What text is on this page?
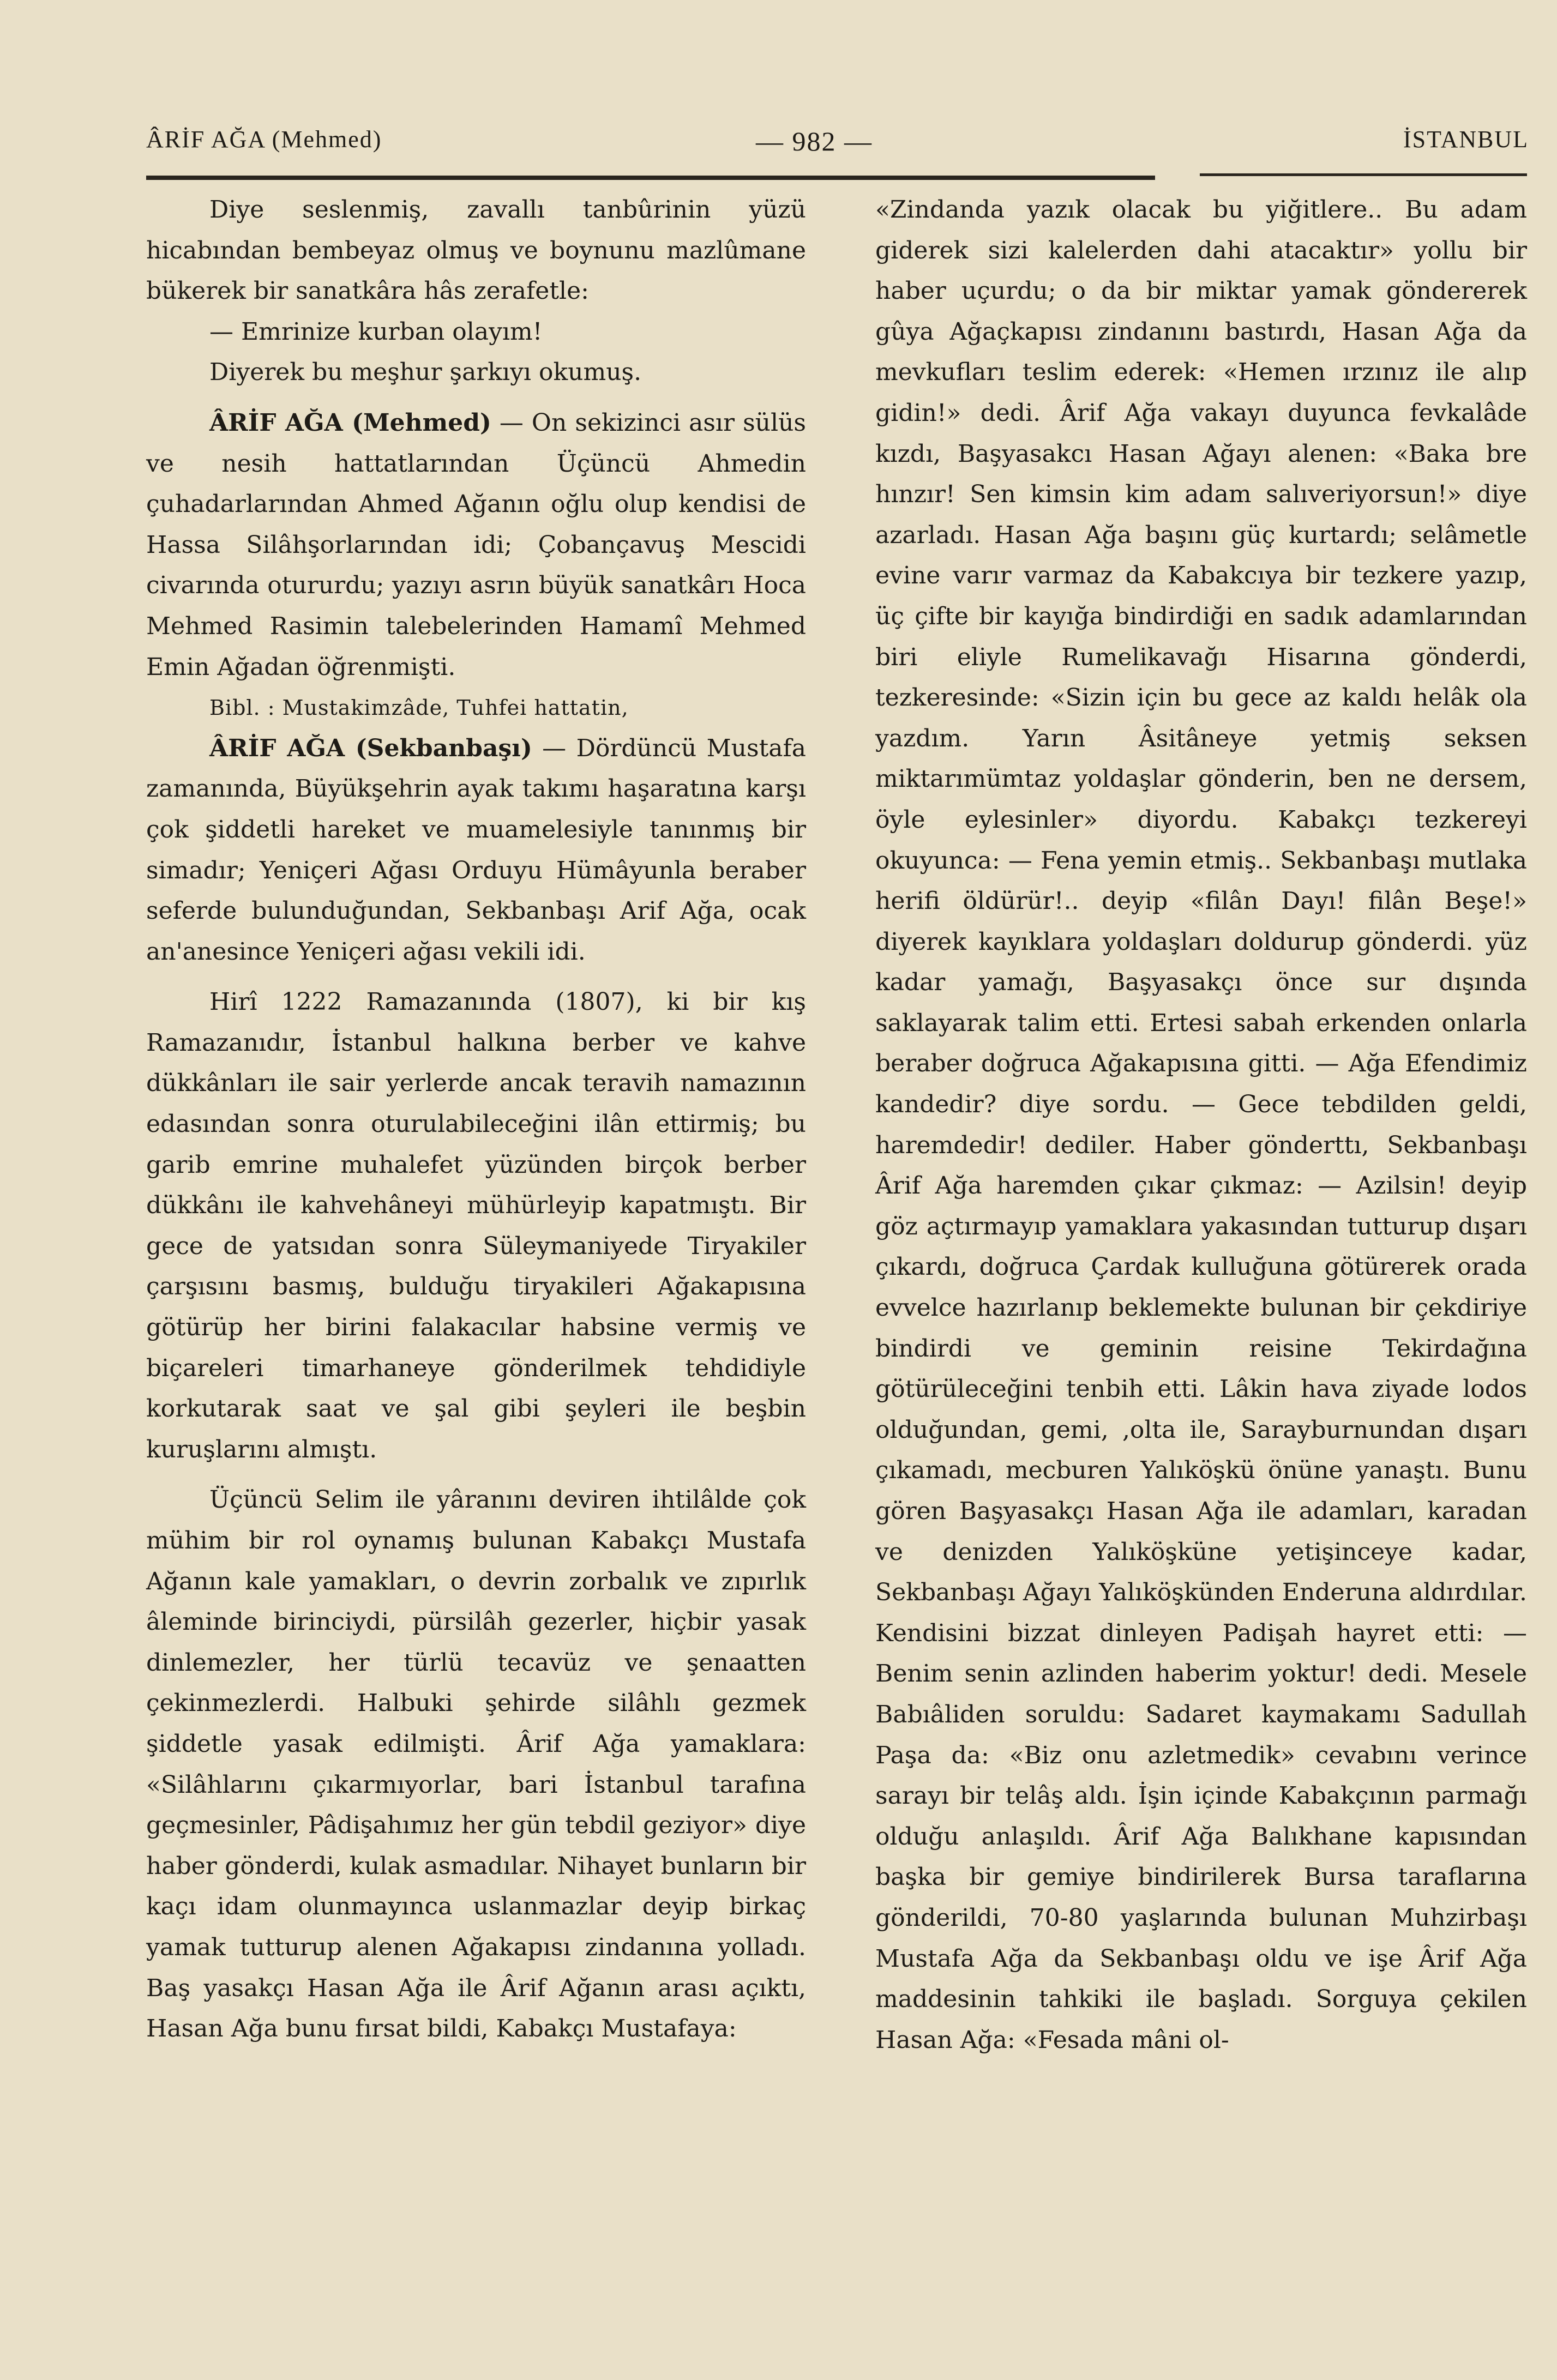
ÂRİF AĞA (Mehmed)	— 982 —	İSTANBUL

Diye seslenmiş, zavallı tanbûrinin yüzü hicabından bembeyaz olmuş ve boynunu mazlûmane bükerek bir sanatkâra hâs zerafetle:

— Emrinize kurban olayım!

Diyerek bu meşhur şarkıyı okumuş.

ÂRİF AĞA (Mehmed) — On sekizinci asır sülüs ve nesih hattatlarından Üçüncü Ahmedin çuhadarlarından Ahmed Ağanın oğlu olup kendisi de Hassa Silâhşorlarından idi; Çobançavuş Mescidi civarında otururdu; yazıyı asrın büyük sanatkârı Hoca Mehmed Rasimin talebelerinden Hamamî Mehmed Emin Ağadan öğrenmişti.

Bibl. : Mustakimzâde, Tuhfei hattatin,

ÂRİF AĞA (Sekbanbaşı) — Dördüncü Mustafa zamanında, Büyükşehrin ayak takımı haşaratına karşı çok şiddetli hareket ve muamelesiyle tanınmış bir simadır; Yeniçeri Ağası Orduyu Hümâyunla beraber seferde bulunduğundan, Sekbanbaşı Arif Ağa, ocak an'anesince Yeniçeri ağası vekili idi.

Hirî 1222 Ramazanında (1807), ki bir kış Ramazanıdır, İstanbul halkına berber ve kahve dükkânları ile sair yerlerde ancak teravih namazının edasından sonra oturulabileceğini ilân ettirmiş; bu garib emrine muhalefet yüzünden birçok berber dükkânı ile kahvehâneyi mühürleyip kapatmıştı. Bir gece de yatsıdan sonra Süleymaniyede Tiryakiler çarşısını basmış, bulduğu tiryakileri Ağakapısına götürüp her birini falakacılar habsine vermiş ve biçareleri timarhaneye gönderilmek tehdidiyle korkutarak saat ve şal gibi şeyleri ile beşbin kuruşlarını almıştı.

Üçüncü Selim ile yâranını deviren ihtilâlde çok mühim bir rol oynamış bulunan Kabakçı Mustafa Ağanın kale yamakları, o devrin zorbalık ve zıpırlık âleminde birinciydi, pürsilâh gezerler, hiçbir yasak dinlemezler, her türlü tecavüz ve şenaatten çekinmezlerdi. Halbuki şehirde silâhlı gezmek şiddetle yasak edilmişti. Ârif Ağa yamaklara: «Silâhlarını çıkarmıyorlar, bari İstanbul tarafına geçmesinler, Pâdişahımız her gün tebdil geziyor» diye haber gönderdi, kulak asmadılar. Nihayet bunların bir kaçı idam olunmayınca uslanmazlar deyip birkaç yamak tutturup alenen Ağakapısı zindanına yolladı. Baş yasakçı Hasan Ağa ile Ârif Ağanın arası açıktı, Hasan Ağa bunu fırsat bildi, Kabakçı Mustafaya:

«Zindanda yazık olacak bu yiğitlere.. Bu adam giderek sizi kalelerden dahi atacaktır» yollu bir haber uçurdu; o da bir miktar yamak göndererek gûya Ağaçkapısı zindanını bastırdı, Hasan Ağa da mevkufları teslim ederek: «Hemen ırzınız ile alıp gidin!» dedi. Ârif Ağa vakayı duyunca fevkalâde kızdı, Başyasakcı Hasan Ağayı alenen: «Baka bre hınzır! Sen kimsin kim adam salıveriyorsun!» diye azarladı. Hasan Ağa başını güç kurtardı; selâmetle evine varır varmaz da Kabakcıya bir tezkere yazıp, üç çifte bir kayığa bindirdiği en sadık adamlarından biri eliyle Rumelikavağı Hisarına gönderdi, tezkeresinde: «Sizin için bu gece az kaldı helâk ola yazdım. Yarın Âsitâneye yetmiş seksen miktarımümtaz yoldaşlar gönderin, ben ne dersem, öyle eylesinler» diyordu. Kabakçı tezkereyi okuyunca: — Fena yemin etmiş.. Sekbanbaşı mutlaka herifi öldürür!.. deyip «filân Dayı! filân Beşe!» diyerek kayıklara yoldaşları doldurup gönderdi. yüz kadar yamağı, Başyasakçı önce sur dışında saklayarak talim etti. Ertesi sabah erkenden onlarla beraber doğruca Ağakapısına gitti. — Ağa Efendimiz kandedir? diye sordu. — Gece tebdilden geldi, haremdedir! dediler. Haber gönderttı, Sekbanbaşı Ârif Ağa haremden çıkar çıkmaz: — Azilsin! deyip göz açtırmayıp yamaklara yakasından tutturup dışarı çıkardı, doğruca Çardak kulluğuna götürerek orada evvelce hazırlanıp beklemekte bulunan bir çekdiriye bindirdi ve geminin reisine Tekirdağına götürüleceğini tenbih etti. Lâkin hava ziyade lodos olduğundan, gemi, ,olta ile, Sarayburnundan dışarı çıkamadı, mecburen Yalıköşkü önüne yanaştı. Bunu gören Başyasakçı Hasan Ağa ile adamları, karadan ve denizden Yalıköşküne yetişinceye kadar, Sekbanbaşı Ağayı Yalıköşkünden Enderuna aldırdılar. Kendisini bizzat dinleyen Padişah hayret etti: — Benim senin azlinden haberim yoktur! dedi. Mesele Babıâliden soruldu: Sadaret kaymakamı Sadullah Paşa da: «Biz onu azletmedik» cevabını verince sarayı bir telâş aldı. İşin içinde Kabakçının parmağı olduğu anlaşıldı. Ârif Ağa Balıkhane kapısından başka bir gemiye bindirilerek Bursa taraflarına gönderildi, 70-80 yaşlarında bulunan Muhzirbaşı Mustafa Ağa da Sekbanbaşı oldu ve işe Ârif Ağa maddesinin tahkiki ile başladı. Sorguya çekilen Hasan Ağa: «Fesada mâni ol-
